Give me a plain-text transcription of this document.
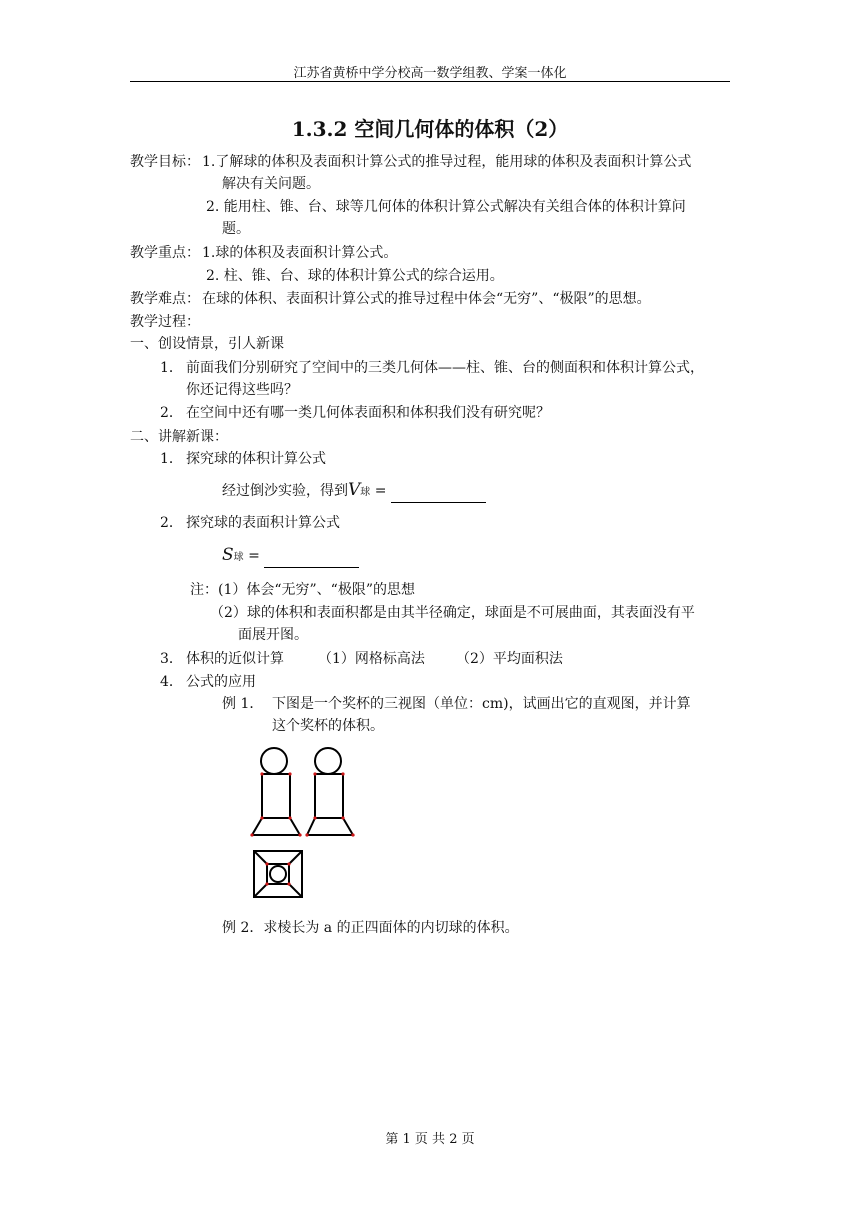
江苏省黄桥中学分校高一数学组教、学案一体化
1.3.2 空间几何体的体积（2）
教学目标： 1.了解球的体积及表面积计算公式的推导过程，能用球的体积及表面积计算公式
解决有关问题。
2. 能用柱、锥、台、球等几何体的体积计算公式解决有关组合体的体积计算问
题。
教学重点： 1.球的体积及表面积计算公式。
2. 柱、锥、台、球的体积计算公式的综合运用。
教学难点： 在球的体积、表面积计算公式的推导过程中体会“无穷”、“极限”的思想。
教学过程：
一、创设情景，引人新课
1． 前面我们分别研究了空间中的三类几何体——柱、锥、台的侧面积和体积计算公式，
你还记得这些吗？
2． 在空间中还有哪一类几何体表面积和体积我们没有研究呢？
二、讲解新课：
1． 探究球的体积计算公式
经过倒沙实验，得到V球 =
2． 探究球的表面积计算公式
S球 =
注：(1）体会“无穷”、“极限”的思想
（2）球的体积和表面积都是由其半径确定，球面是不可展曲面，其表面没有平
面展开图。
3． 体积的近似计算 （1）网格标高法 （2）平均面积法
4． 公式的应用
例 1． 下图是一个奖杯的三视图（单位：cm)，试画出它的直观图，并计算
这个奖杯的体积。
例 2．求棱长为 a 的正四面体的内切球的体积。
第 1 页 共 2 页
